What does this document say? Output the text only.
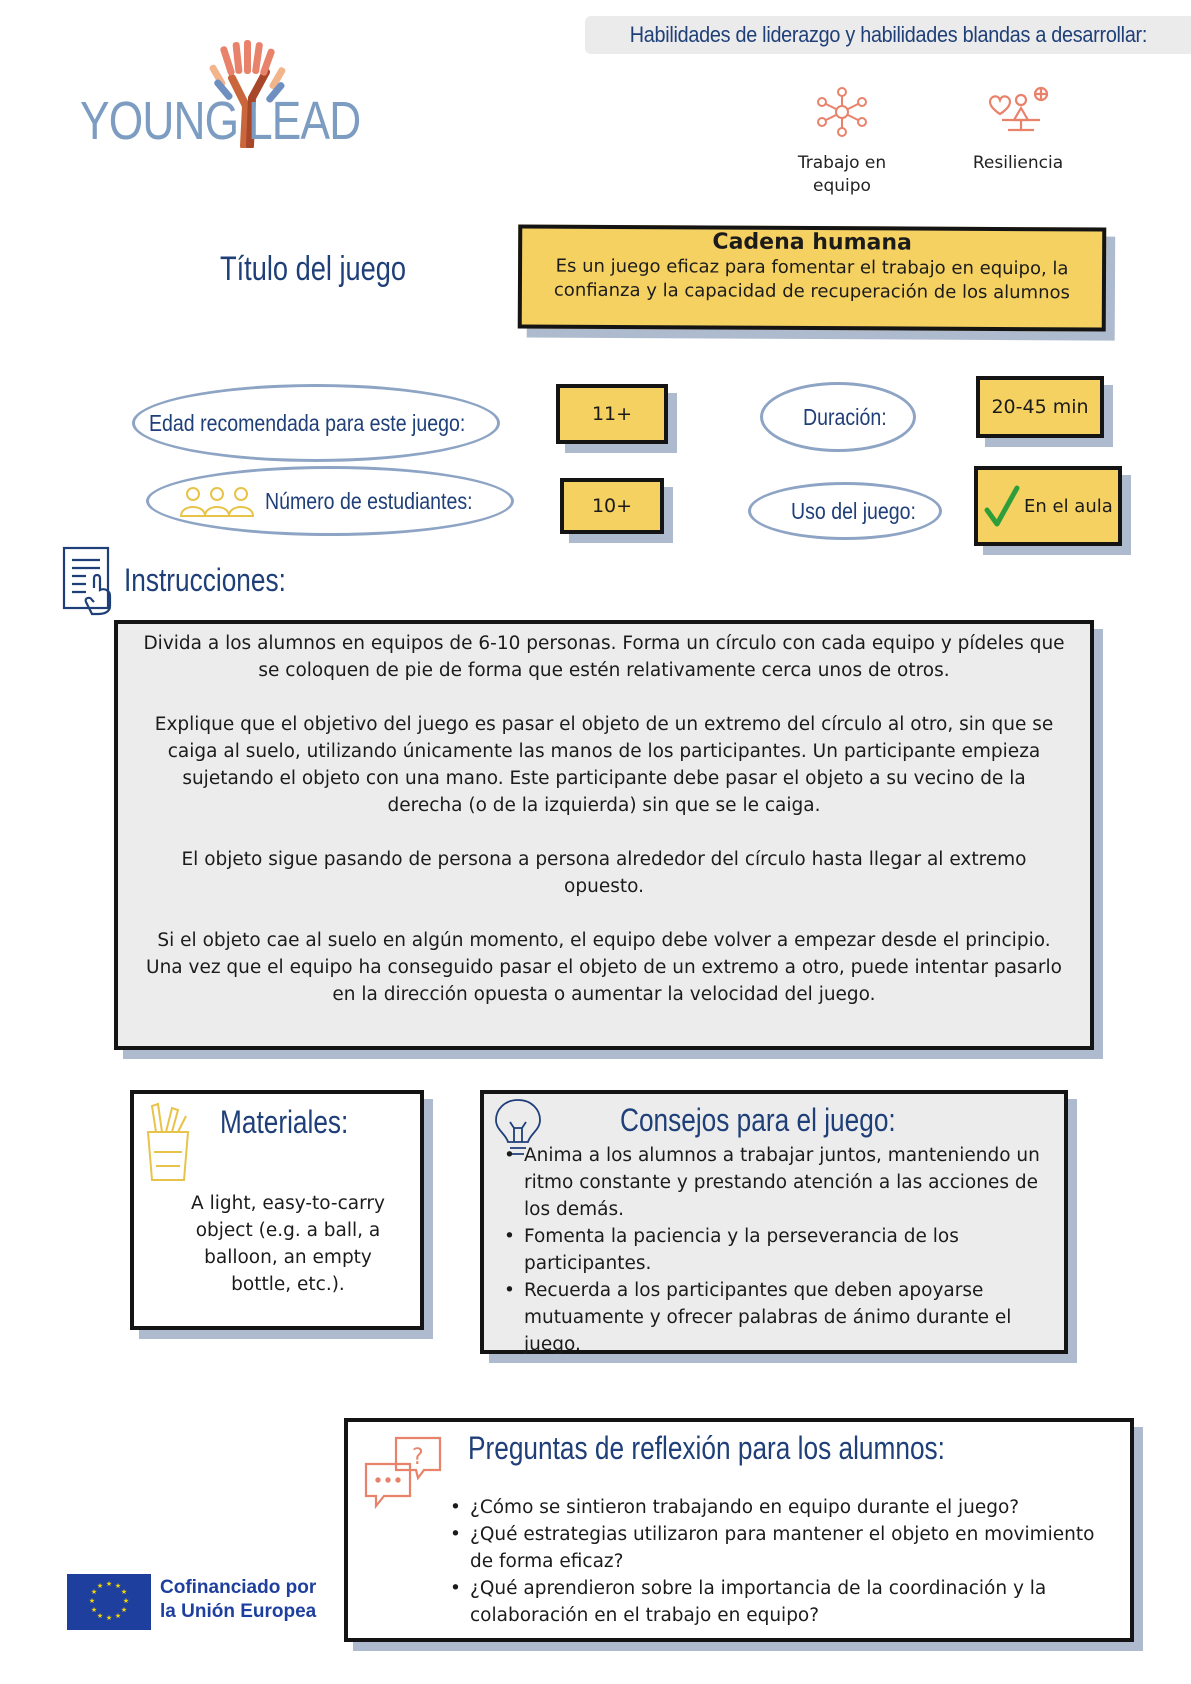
Habilidades de liderazgo y habilidades blandas a desarrollar:
YOUNG LEAD
Trabajo en equipo
Resiliencia
Título del juego
Cadena humana
Es un juego eficaz para fomentar el trabajo en equipo, la confianza y la capacidad de recuperación de los alumnos
Edad recomendada para este juego:	11+	Duración:	20-45 min
Número de estudiantes:	10+	Uso del juego:	En el aula
Instrucciones:

Divida a los alumnos en equipos de 6-10 personas. Forma un círculo con cada equipo y pídeles que se coloquen de pie de forma que estén relativamente cerca unos de otros.

Explique que el objetivo del juego es pasar el objeto de un extremo del círculo al otro, sin que se caiga al suelo, utilizando únicamente las manos de los participantes. Un participante empieza sujetando el objeto con una mano. Este participante debe pasar el objeto a su vecino de la derecha (o de la izquierda) sin que se le caiga.

El objeto sigue pasando de persona a persona alrededor del círculo hasta llegar al extremo opuesto.

Si el objeto cae al suelo en algún momento, el equipo debe volver a empezar desde el principio.

Una vez que el equipo ha conseguido pasar el objeto de un extremo a otro, puede intentar pasarlo en la dirección opuesta o aumentar la velocidad del juego.

Materiales:
A light, easy-to-carry object (e.g. a ball, a balloon, an empty bottle, etc.).
Consejos para el juego:
• Anima a los alumnos a trabajar juntos, manteniendo un ritmo constante y prestando atención a las acciones de los demás.
• Fomenta la paciencia y la perseverancia de los participantes.
• Recuerda a los participantes que deben apoyarse mutuamente y ofrecer palabras de ánimo durante el juego.
? Preguntas de reflexión para los alumnos:
• ¿Cómo se sintieron trabajando en equipo durante el juego?
• ¿Qué estrategias utilizaron para mantener el objeto en movimiento de forma eficaz?
• ¿Qué aprendieron sobre la importancia de la coordinación y la colaboración en el trabajo en equipo?
★ ★
★
★
★
★
★
★
★
★
★
★	Cofinanciado por
la Unión Europea
